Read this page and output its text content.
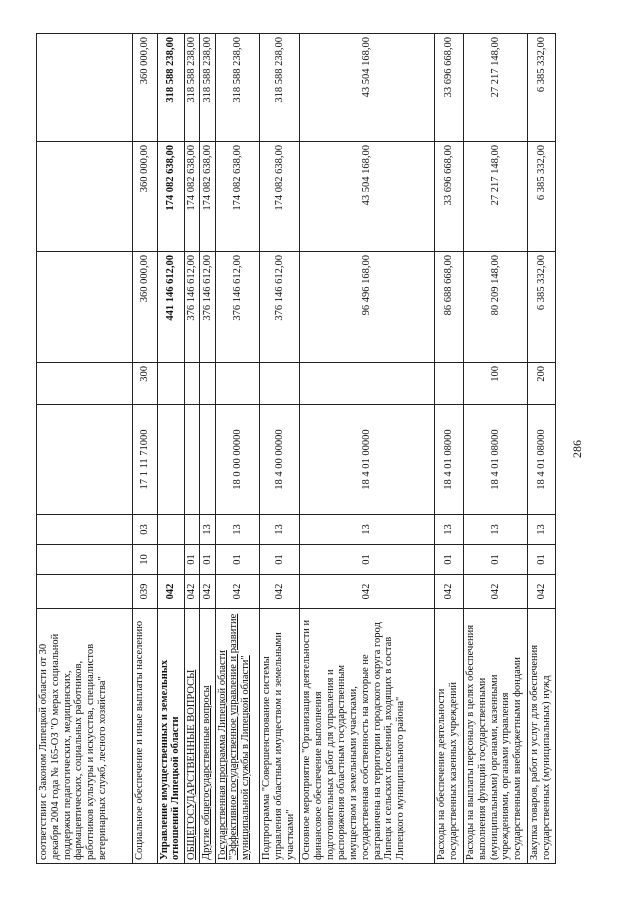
соответствии с Законом Липецкой области от 30 декабря 2004 года № 165-ОЗ "О мерах социальной поддержки педагогических, медицинских, фармацевтических, социальных работников, работников культуры и искусства, специалистов ветеринарных служб, лесного хозяйства"								
Социальное обеспечение и иные выплаты населению	039	10	03	17 1 11 71000	300	360 000,00	360 000,00	360 000,00
Управление имущественных и земельных отношений Липецкой области	042					441 146 612,00	174 082 638,00	318 588 238,00
ОБЩЕГОСУДАРСТВЕННЫЕ ВОПРОСЫ	042	01				376 146 612,00	174 082 638,00	318 588 238,00
Другие общегосударственные вопросы	042	01	13			376 146 612,00	174 082 638,00	318 588 238,00
Государственная программа Липецкой области "Эффективное государственное управление и развитие муниципальной службы в Липецкой области"	042	01	13	18 0 00 00000		376 146 612,00	174 082 638,00	318 588 238,00
Подпрограмма "Совершенствование системы управления областным имуществом и земельными участками"	042	01	13	18 4 00 00000		376 146 612,00	174 082 638,00	318 588 238,00
Основное мероприятие "Организация деятельности и финансовое обеспечение выполнения подготовительных работ для управления и распоряжения областным государственным имуществом и земельными участками, государственная собственность на которые не разграничена на территории городского округа город Липецк и сельских поселений, входящих в состав Липецкого муниципального района"	042	01	13	18 4 01 00000		96 496 168,00	43 504 168,00	43 504 168,00
Расходы на обеспечение деятельности государственных казенных учреждений	042	01	13	18 4 01 08000		86 688 668,00	33 696 668,00	33 696 668,00
Расходы на выплаты персоналу в целях обеспечения выполнения функций государственными (муниципальными) органами, казенными учреждениями, органами управления государственными внебюджетными фондами	042	01	13	18 4 01 08000	100	80 209 148,00	27 217 148,00	27 217 148,00
Закупка товаров, работ и услуг для обеспечения государственных (муниципальных) нужд	042	01	13	18 4 01 08000	200	6 385 332,00	6 385 332,00	6 385 332,00
286
